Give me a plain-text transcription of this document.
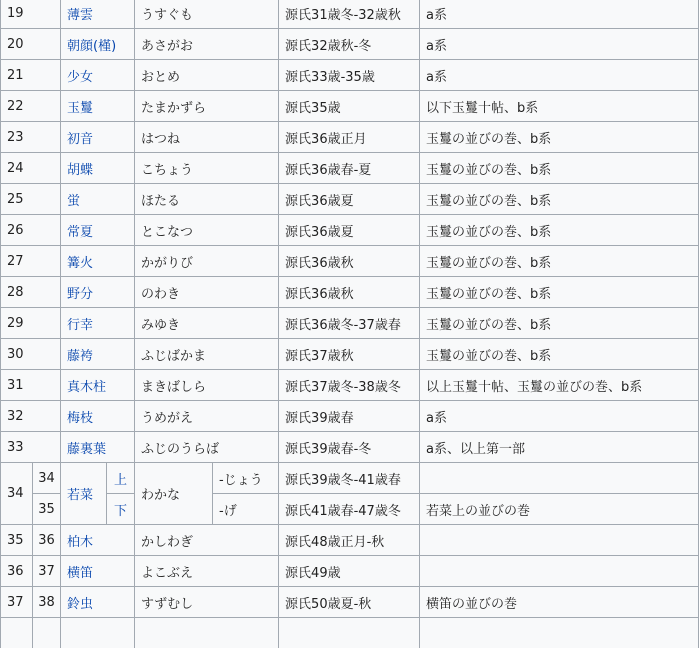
19		薄雲		うすぐも		源氏31歳冬-32歳秋	a系
20		朝顔(槿)		あさがお		源氏32歳秋-冬	a系
21		少女		おとめ		源氏33歳-35歳	a系
22		玉鬘		たまかずら		源氏35歳	以下玉鬘十帖、b系
23		初音		はつね		源氏36歳正月	玉鬘の並びの巻、b系
24		胡蝶		こちょう		源氏36歳春-夏	玉鬘の並びの巻、b系
25		蛍		ほたる		源氏36歳夏	玉鬘の並びの巻、b系
26		常夏		とこなつ		源氏36歳夏	玉鬘の並びの巻、b系
27		篝火		かがりび		源氏36歳秋	玉鬘の並びの巻、b系
28		野分		のわき		源氏36歳秋	玉鬘の並びの巻、b系
29		行幸		みゆき		源氏36歳冬-37歳春	玉鬘の並びの巻、b系
30		藤袴		ふじばかま		源氏37歳秋	玉鬘の並びの巻、b系
31		真木柱		まきばしら		源氏37歳冬-38歳冬	以上玉鬘十帖、玉鬘の並びの巻、b系
32		梅枝		うめがえ		源氏39歳春	a系
33		藤裏葉		ふじのうらば		源氏39歳春-冬	a系、以上第一部
34	34	若菜	上	わかな	-じょう	源氏39歳冬-41歳春	
	35		下		-げ	源氏41歳春-47歳冬	若菜上の並びの巻
35	36	柏木		かしわぎ		源氏48歳正月-秋	
36	37	横笛		よこぶえ		源氏49歳	
37	38	鈴虫		すずむし		源氏50歳夏-秋	横笛の並びの巻
